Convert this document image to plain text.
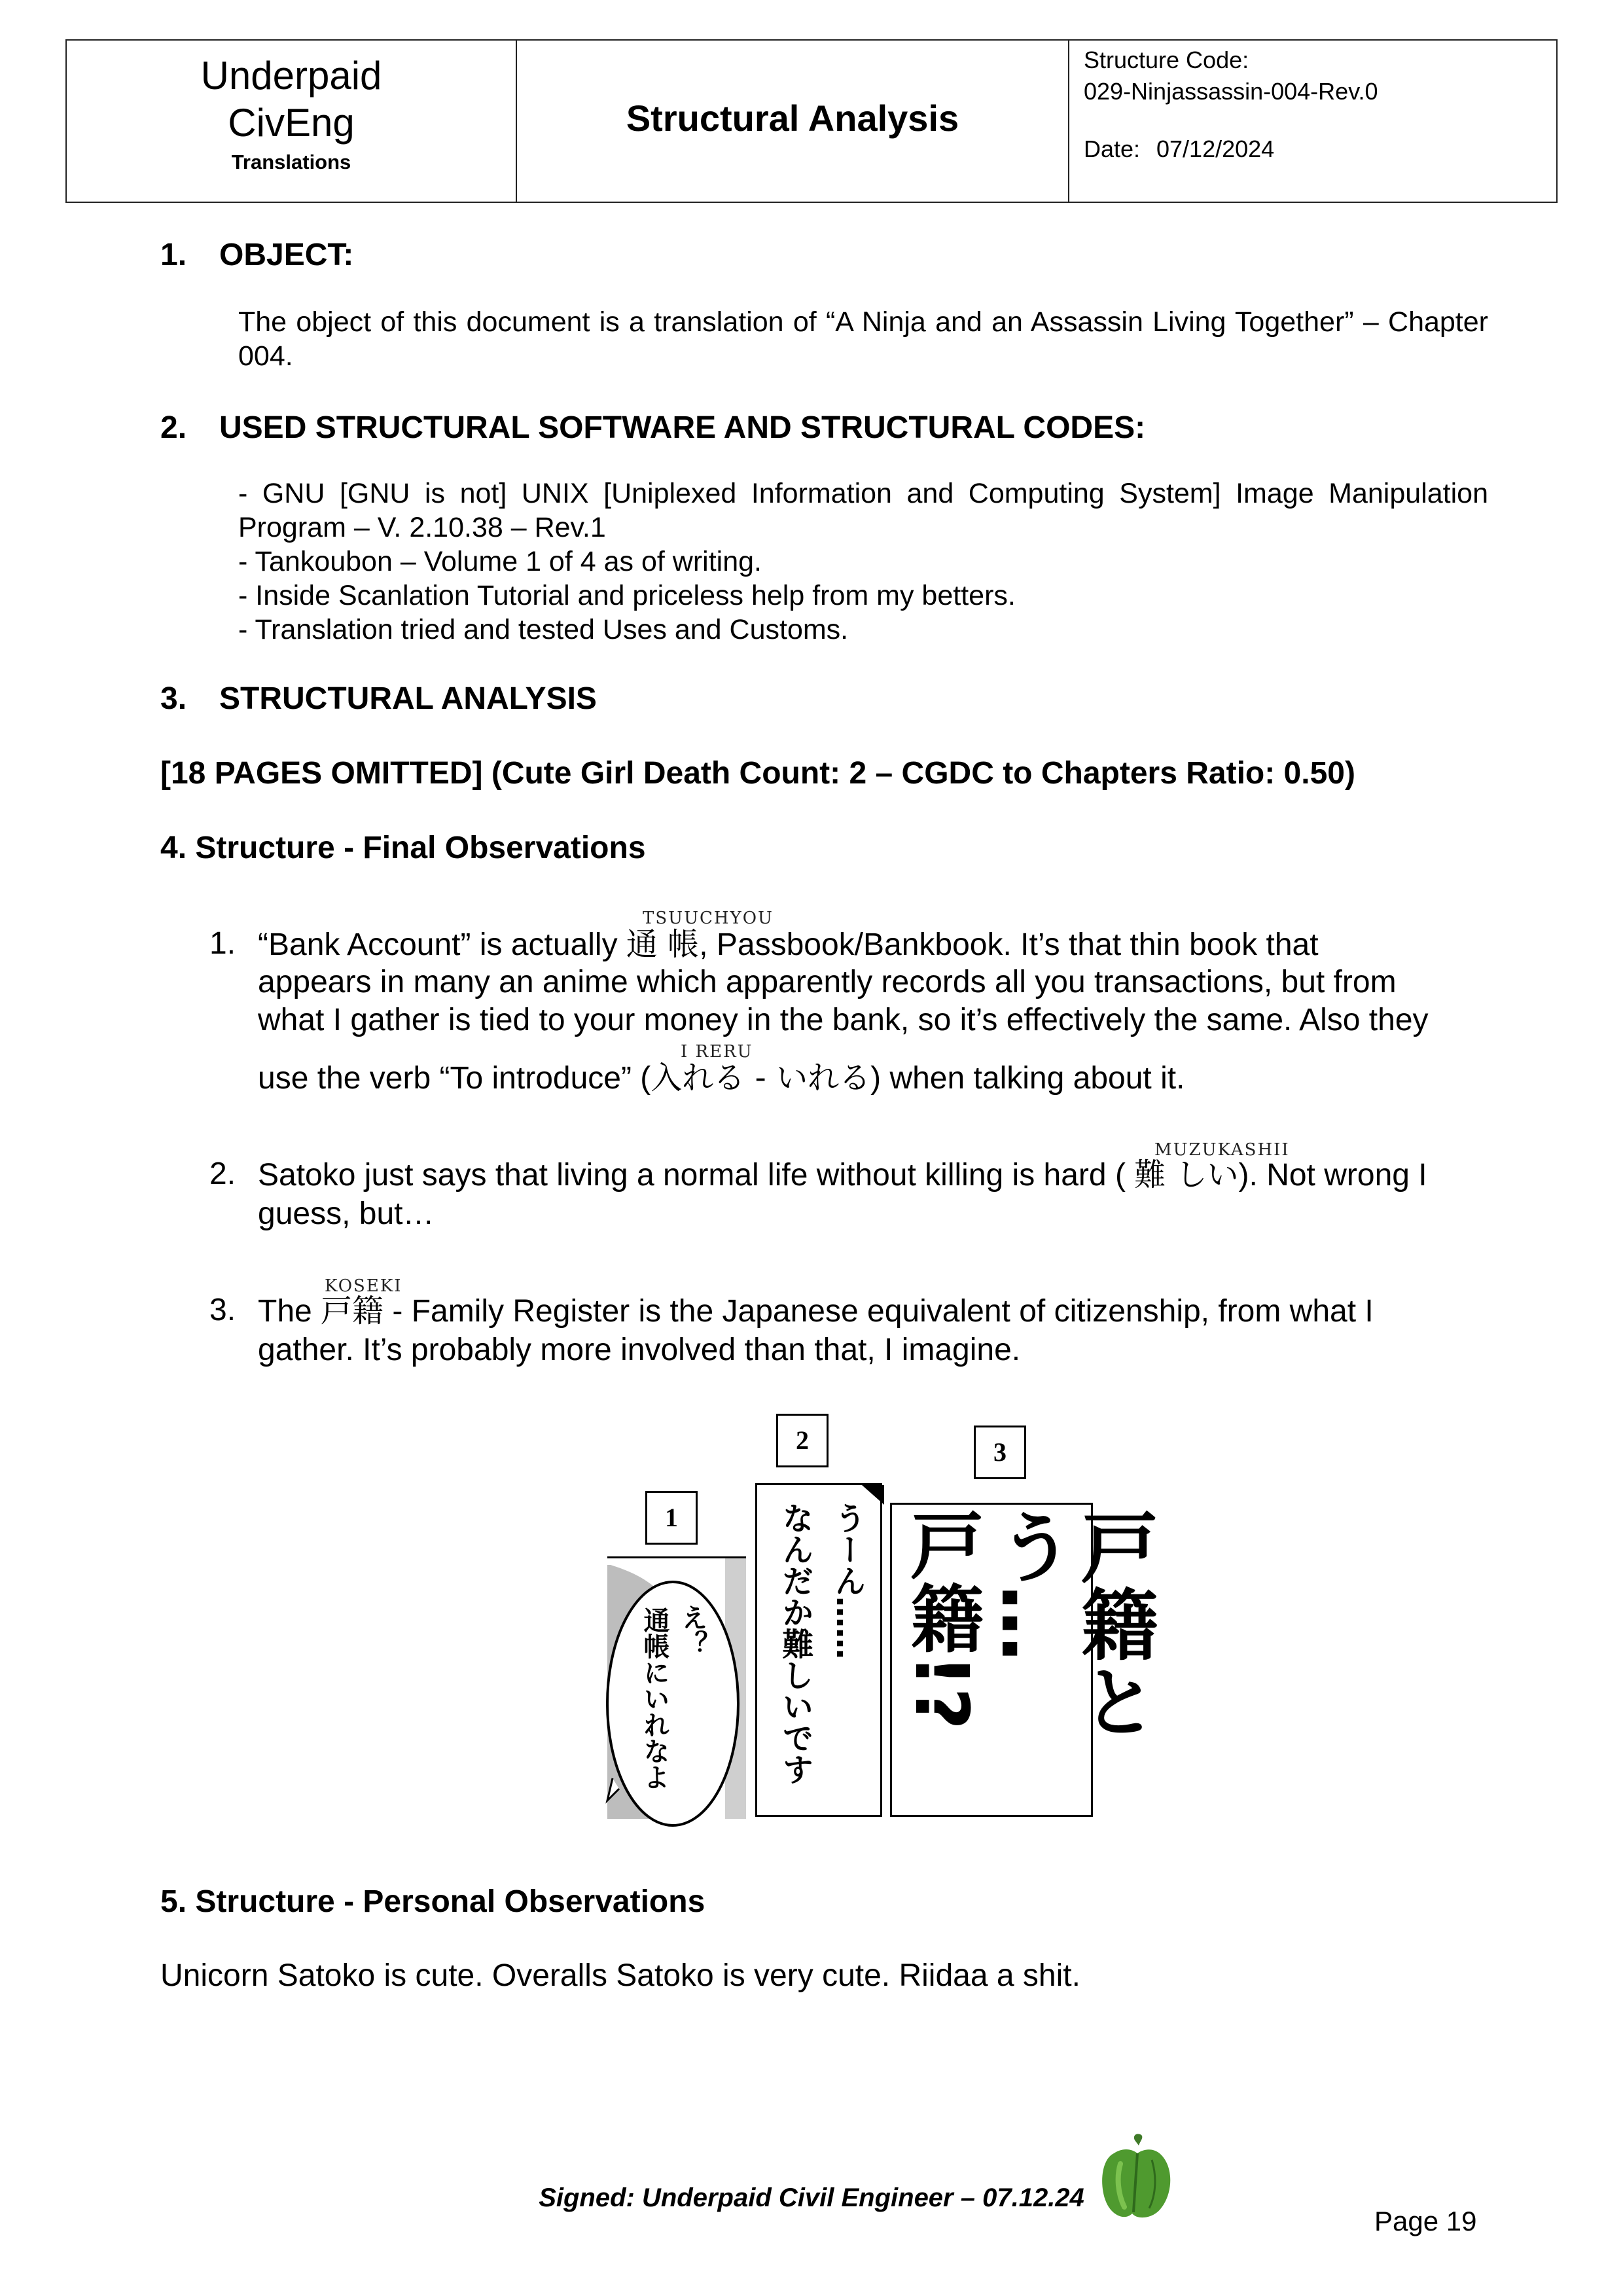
Underpaid
CivEng
Translations
Structural Analysis
Structure Code:
029-Ninjassassin-004-Rev.0
Date: 07/12/2024
1. OBJECT:
The object of this document is a translation of “A Ninja and an Assassin Living Together” – Chapter 004.
2. USED STRUCTURAL SOFTWARE AND STRUCTURAL CODES:
- GNU [GNU is not] UNIX [Uniplexed Information and Computing System] Image Manipulation Program – V. 2.10.38 – Rev.1
- Tankoubon – Volume 1 of 4 as of writing.
- Inside Scanlation Tutorial and priceless help from my betters.
- Translation tried and tested Uses and Customs.
3. STRUCTURAL ANALYSIS
[18 PAGES OMITTED] (Cute Girl Death Count: 2 – CGDC to Chapters Ratio: 0.50)
4. Structure - Final Observations
1.
TSUUCHYOU
“Bank Account” is actually 通 帳, Passbook/Bankbook. It’s that thin book that
appears in many an anime which apparently records all you transactions, but from
what I gather is tied to your money in the bank, so it’s effectively the same. Also they
I RERU
use the verb “To introduce” (入れる - いれる) when talking about it.
MUZUKASHII
2. Satoko just says that living a normal life without killing is hard ( 難 しい). Not wrong I
guess, but…
KOSEKI
3. The 戸籍 - Family Register is the Japanese equivalent of citizenship, from what I
gather. It’s probably more involved than that, I imagine.
1
2	3
え？
通帳にいれなよ
うーん……
なんだか難しいです	戸籍とう…
戸籍!?
5. Structure - Personal Observations
Unicorn Satoko is cute. Overalls Satoko is very cute. Riidaa a shit.
Signed: Underpaid Civil Engineer – 07.12.24
Page 19
